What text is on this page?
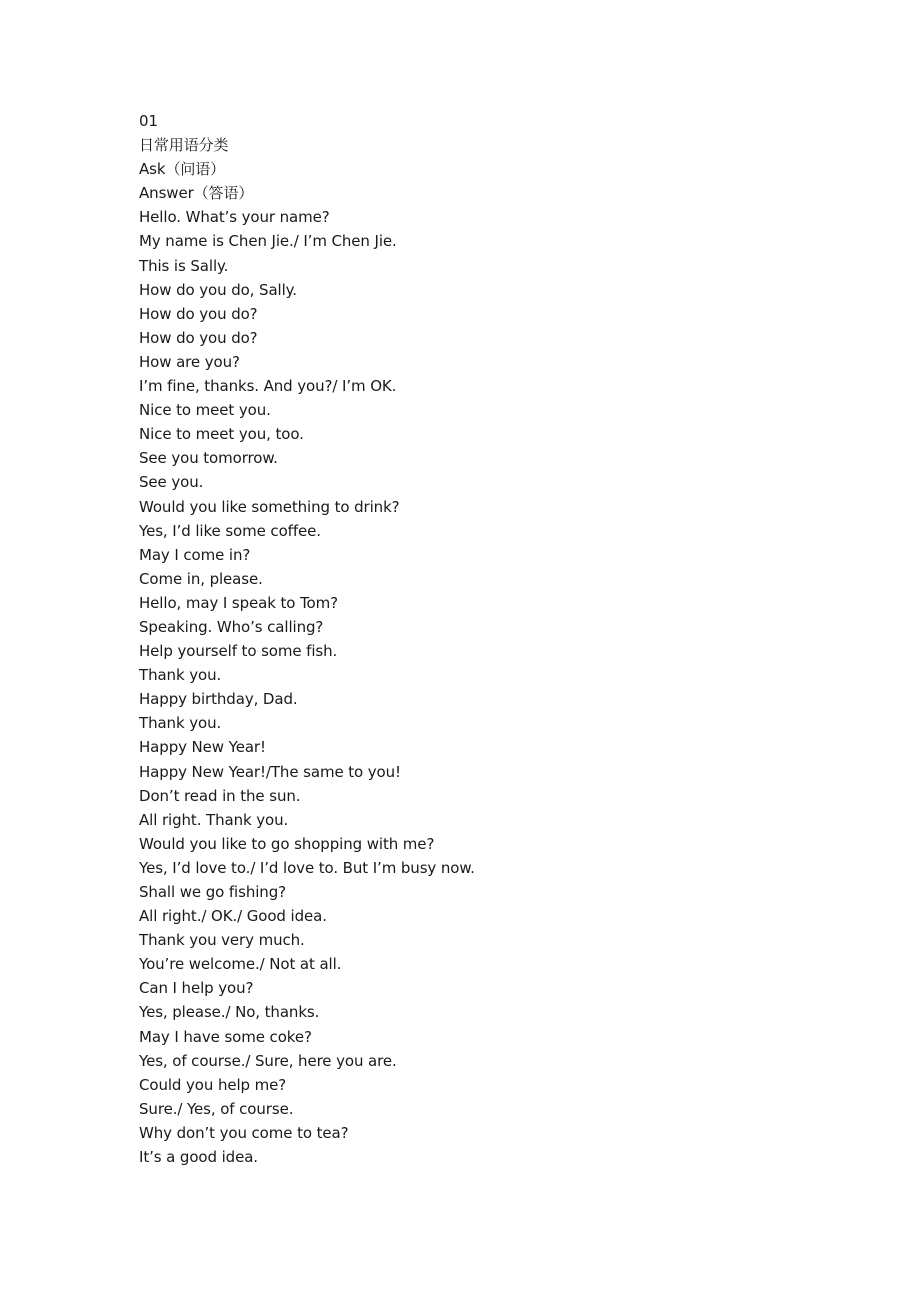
01
日常用语分类
Ask（问语）
Answer（答语）
Hello. What’s your name?
My name is Chen Jie./ I’m Chen Jie.
This is Sally.
How do you do, Sally.
How do you do?
How do you do?
How are you?
I’m fine, thanks. And you?/ I’m OK.
Nice to meet you.
Nice to meet you, too.
See you tomorrow.
See you.
Would you like something to drink?
Yes, I’d like some coffee.
May I come in?
Come in, please.
Hello, may I speak to Tom?
Speaking. Who’s calling?
Help yourself to some fish.
Thank you.
Happy birthday, Dad.
Thank you.
Happy New Year!
Happy New Year!/The same to you!
Don’t read in the sun.
All right. Thank you.
Would you like to go shopping with me?
Yes, I’d love to./ I’d love to. But I’m busy now.
Shall we go fishing?
All right./ OK./ Good idea.
Thank you very much.
You’re welcome./ Not at all.
Can I help you?
Yes, please./ No, thanks.
May I have some coke?
Yes, of course./ Sure, here you are.
Could you help me?
Sure./ Yes, of course.
Why don’t you come to tea?
It’s a good idea.
